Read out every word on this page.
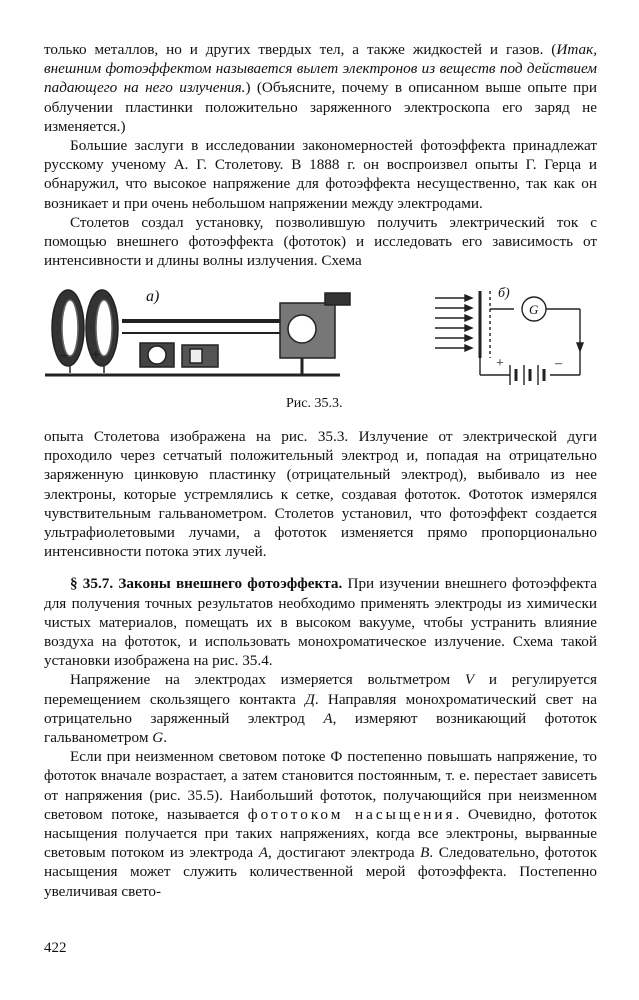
только металлов, но и других твердых тел, а также жидкостей и газов. (Итак, внешним фотоэффектом называется вылет электронов из веществ под действием падающего на него излучения.) (Объясните, почему в описанном выше опыте при облучении пластинки положительно заряженного электроскопа его заряд не изменяется.)

Большие заслуги в исследовании закономерностей фотоэффекта принадлежат русскому ученому А. Г. Столетову. В 1888 г. он воспроизвел опыты Г. Герца и обнаружил, что высокое напряжение для фотоэффекта несущественно, так как он возникает и при очень небольшом напряжении между электродами.

Столетов создал установку, позволившую получить электрический ток с помощью внешнего фотоэффекта (фототок) и исследовать его зависимость от интенсивности и длины волны излучения. Схема

а)
+
–
б)
G
+	–
Рис. 35.3.

опыта Столетова изображена на рис. 35.3. Излучение от электрической дуги проходило через сетчатый положительный электрод и, попадая на отрицательно заряженную цинковую пластинку (отрицательный электрод), выбивало из нее электроны, которые устремлялись к сетке, создавая фототок. Фототок измерялся чувствительным гальванометром. Столетов установил, что фотоэффект создается ультрафиолетовыми лучами, а фототок изменяется прямо пропорционально интенсивности потока этих лучей.

§ 35.7. Законы внешнего фотоэффекта. При изучении внешнего фотоэффекта для получения точных результатов необходимо применять электроды из химически чистых материалов, помещать их в высоком вакууме, чтобы устранить влияние воздуха на фототок, и использовать монохроматическое излучение. Схема такой установки изображена на рис. 35.4.

Напряжение на электродах измеряется вольтметром V и регулируется перемещением скользящего контакта Д. Направляя монохроматический свет на отрицательно заряженный электрод А, измеряют возникающий фототок гальванометром G.

Если при неизменном световом потоке Ф постепенно повышать напряжение, то фототок вначале возрастает, а затем становится постоянным, т. е. перестает зависеть от напряжения (рис. 35.5). Наибольший фототок, получающийся при неизменном световом потоке, называется фототоком насыщения. Очевидно, фототок насыщения получается при таких напряжениях, когда все электроны, вырванные световым потоком из электрода А, достигают электрода В. Следовательно, фототок насыщения может служить количественной мерой фотоэффекта. Постепенно увеличивая свето-

422
